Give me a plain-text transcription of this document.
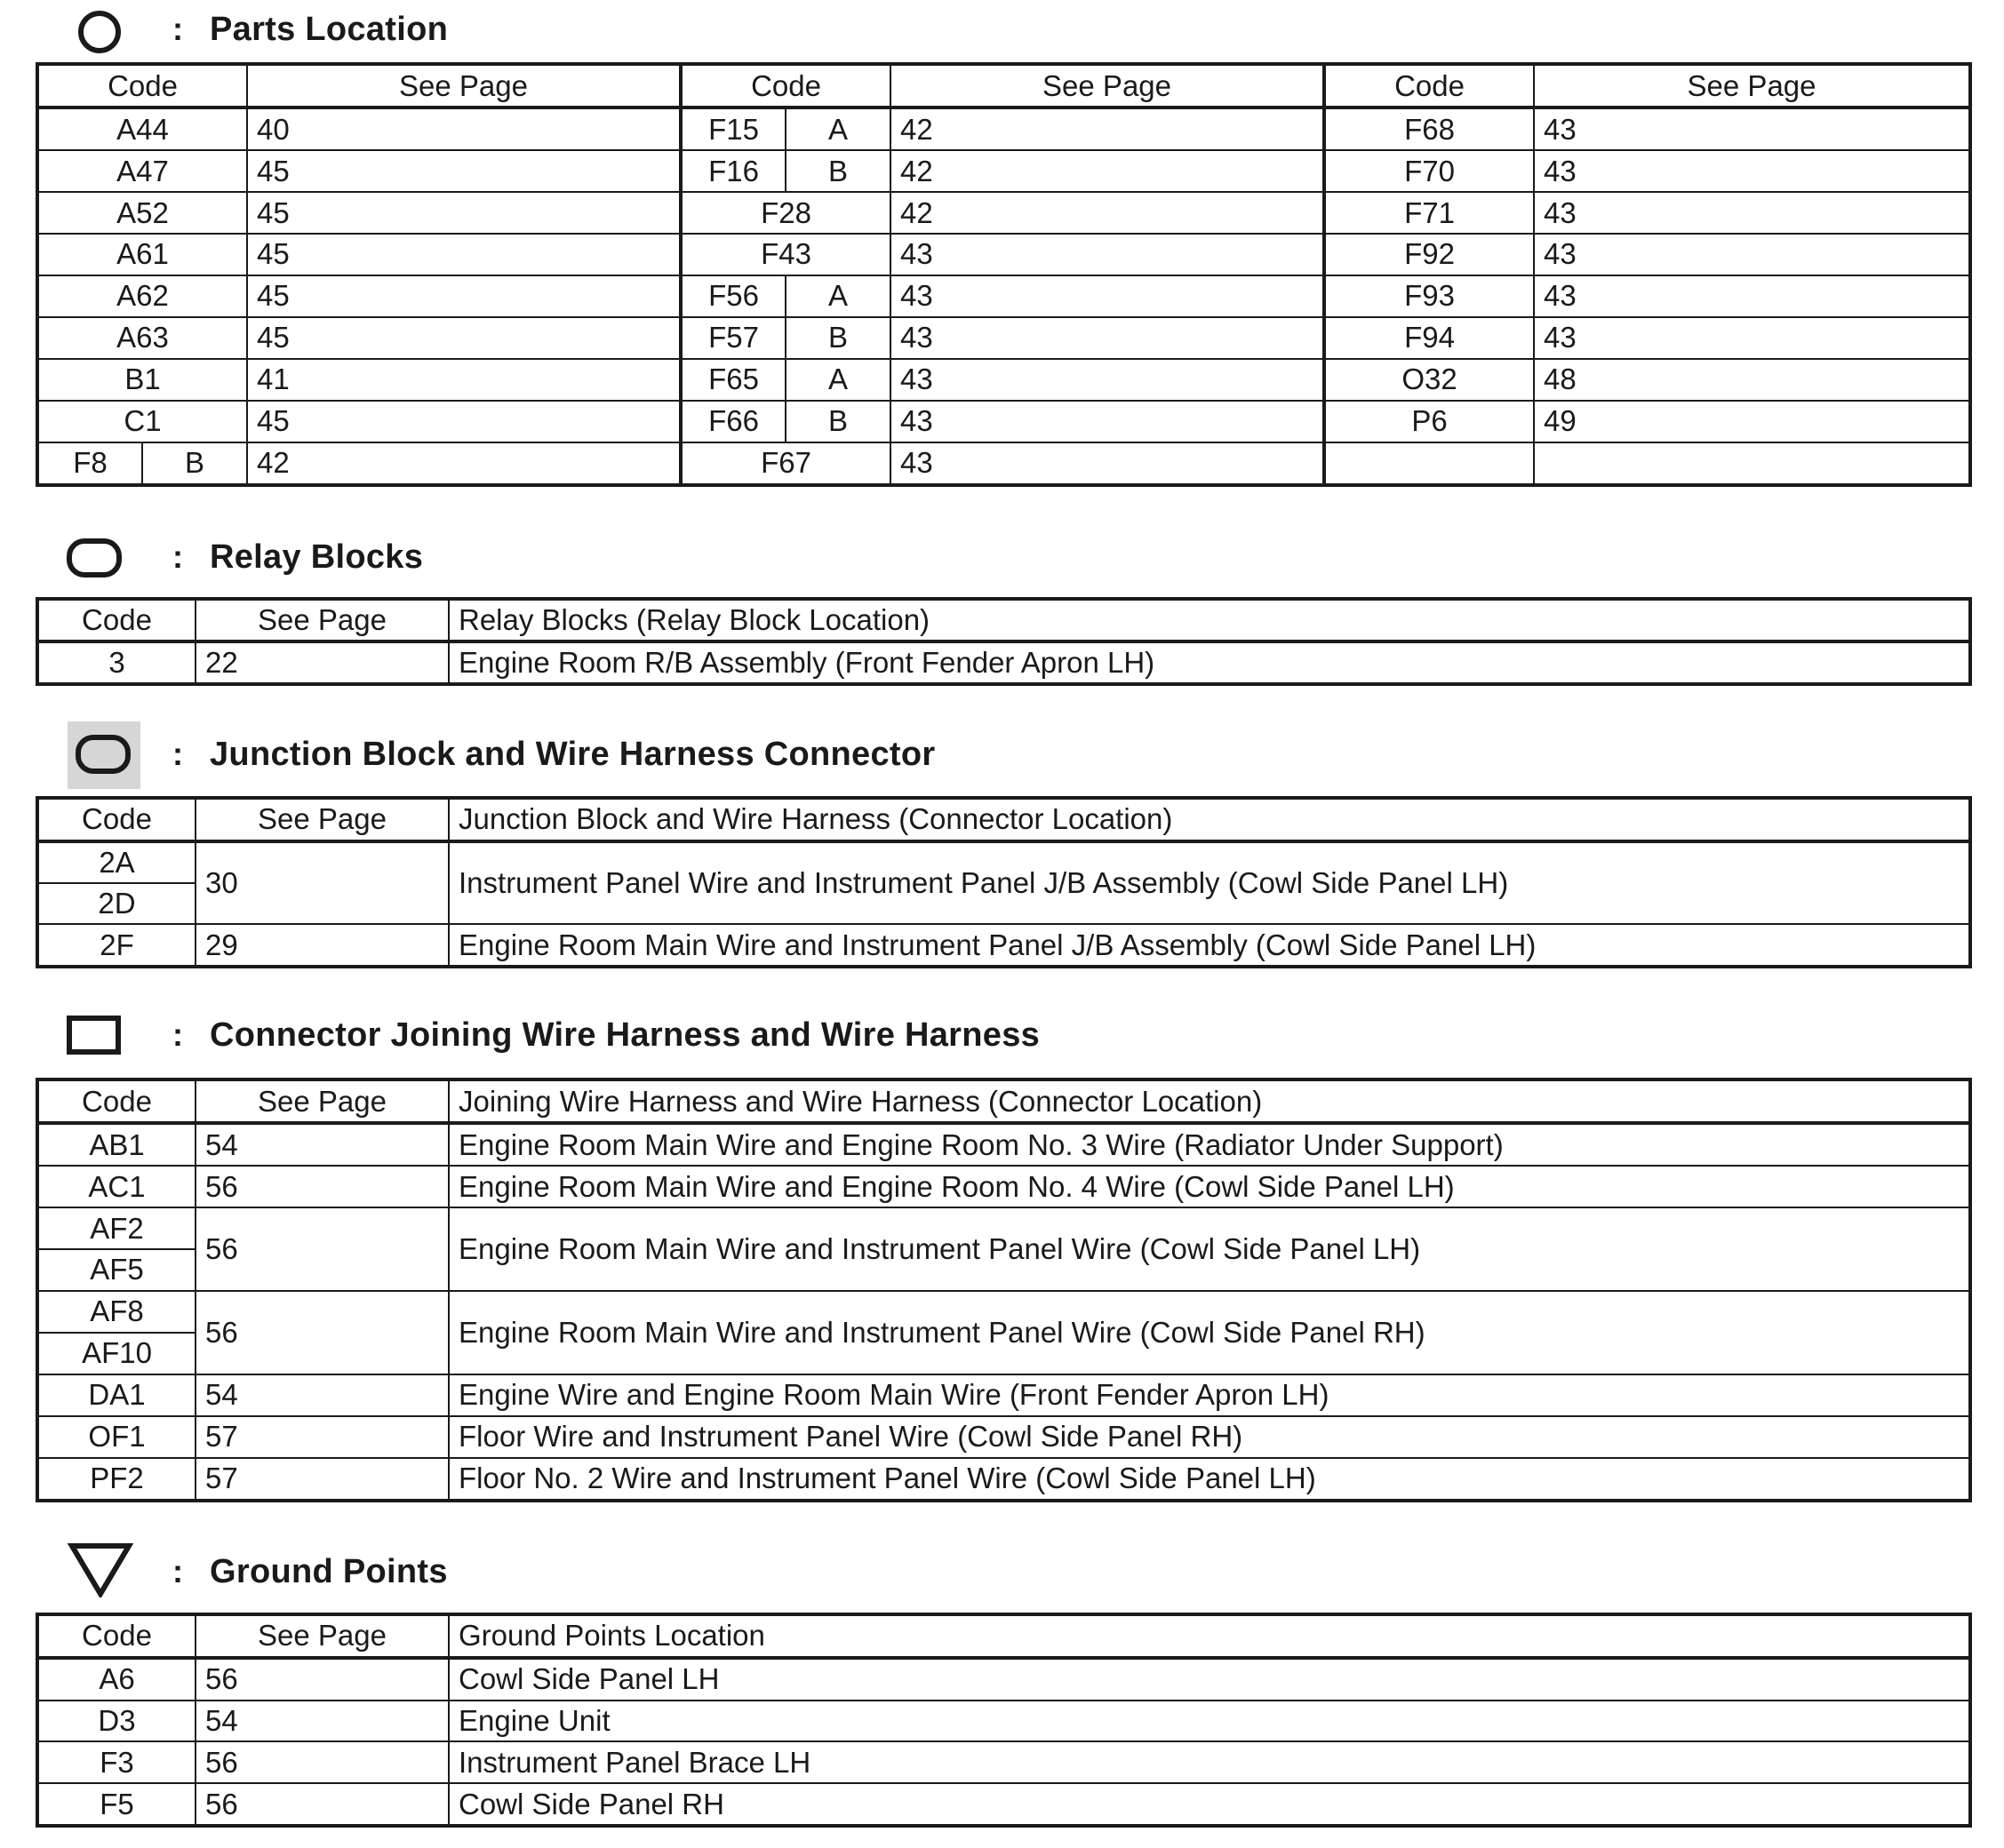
: Parts Location
Code		See Page	Code		See Page	Code	See Page
A44		40	F15	A	42	F68	43
A47		45	F16	B	42	F70	43
A52		45	F28		42	F71	43
A61		45	F43		43	F92	43
A62		45	F56	A	43	F93	43
A63		45	F57	B	43	F94	43
B1		41	F65	A	43	O32	48
C1		45	F66	B	43	P6	49
F8	B	42	F67		43		
: Relay Blocks
Code	See Page	Relay Blocks (Relay Block Location)
3	22	Engine Room R/B Assembly (Front Fender Apron LH)
: Junction Block and Wire Harness Connector
Code	See Page	Junction Block and Wire Harness (Connector Location)
2A	30	Instrument Panel Wire and Instrument Panel J/B Assembly (Cowl Side Panel LH)
2D		
2F	29	Engine Room Main Wire and Instrument Panel J/B Assembly (Cowl Side Panel LH)
: Connector Joining Wire Harness and Wire Harness
Code	See Page	Joining Wire Harness and Wire Harness (Connector Location)
AB1	54	Engine Room Main Wire and Engine Room No. 3 Wire (Radiator Under Support)
AC1	56	Engine Room Main Wire and Engine Room No. 4 Wire (Cowl Side Panel LH)
AF2	56	Engine Room Main Wire and Instrument Panel Wire (Cowl Side Panel LH)
AF5		
AF8	56	Engine Room Main Wire and Instrument Panel Wire (Cowl Side Panel RH)
AF10		
DA1	54	Engine Wire and Engine Room Main Wire (Front Fender Apron LH)
OF1	57	Floor Wire and Instrument Panel Wire (Cowl Side Panel RH)
PF2	57	Floor No. 2 Wire and Instrument Panel Wire (Cowl Side Panel LH)
: Ground Points
Code	See Page	Ground Points Location
A6	56	Cowl Side Panel LH
D3	54	Engine Unit
F3	56	Instrument Panel Brace LH
F5	56	Cowl Side Panel RH
